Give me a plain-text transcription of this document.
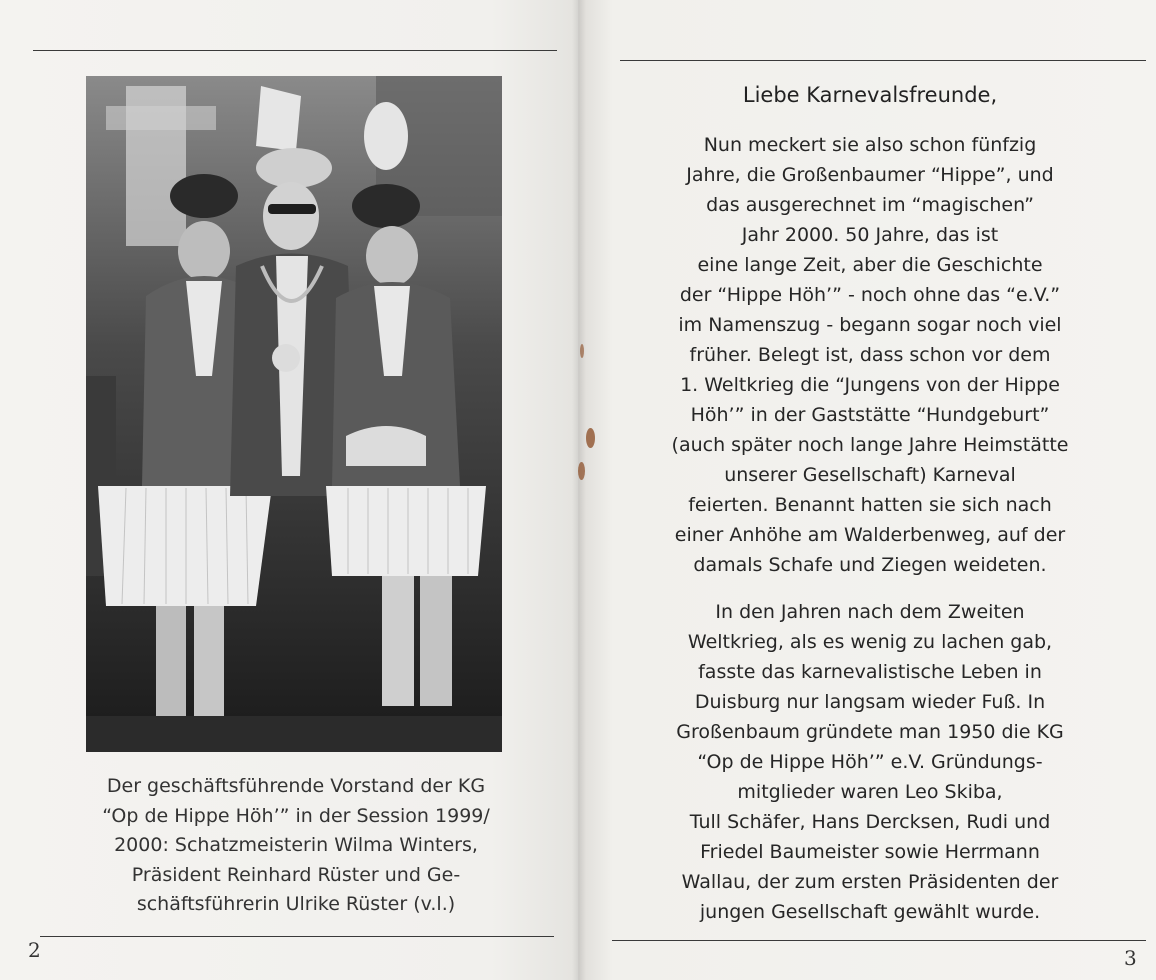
Der geschäftsführende Vorstand der KG
“Op de Hippe Höh’” in der Session 1999/
2000: Schatzmeisterin Wilma Winters,
Präsident Reinhard Rüster und Ge-
schäftsführerin Ulrike Rüster (v.l.)
2
Liebe Karnevalsfreunde,
Nun meckert sie also schon fünfzig
Jahre, die Großenbaumer “Hippe”, und
das ausgerechnet im “magischen”
Jahr 2000. 50 Jahre, das ist
eine lange Zeit, aber die Geschichte
der “Hippe Höh’” - noch ohne das “e.V.”
im Namenszug - begann sogar noch viel
früher. Belegt ist, dass schon vor dem
1. Weltkrieg die “Jungens von der Hippe
Höh’” in der Gaststätte “Hundgeburt”
(auch später noch lange Jahre Heimstätte
unserer Gesellschaft) Karneval
feierten. Benannt hatten sie sich nach
einer Anhöhe am Walderbenweg, auf der
damals Schafe und Ziegen weideten.
In den Jahren nach dem Zweiten
Weltkrieg, als es wenig zu lachen gab,
fasste das karnevalistische Leben in
Duisburg nur langsam wieder Fuß. In
Großenbaum gründete man 1950 die KG
“Op de Hippe Höh’” e.V. Gründungs-
mitglieder waren Leo Skiba,
Tull Schäfer, Hans Dercksen, Rudi und
Friedel Baumeister sowie Herrmann
Wallau, der zum ersten Präsidenten der
jungen Gesellschaft gewählt wurde.
3
